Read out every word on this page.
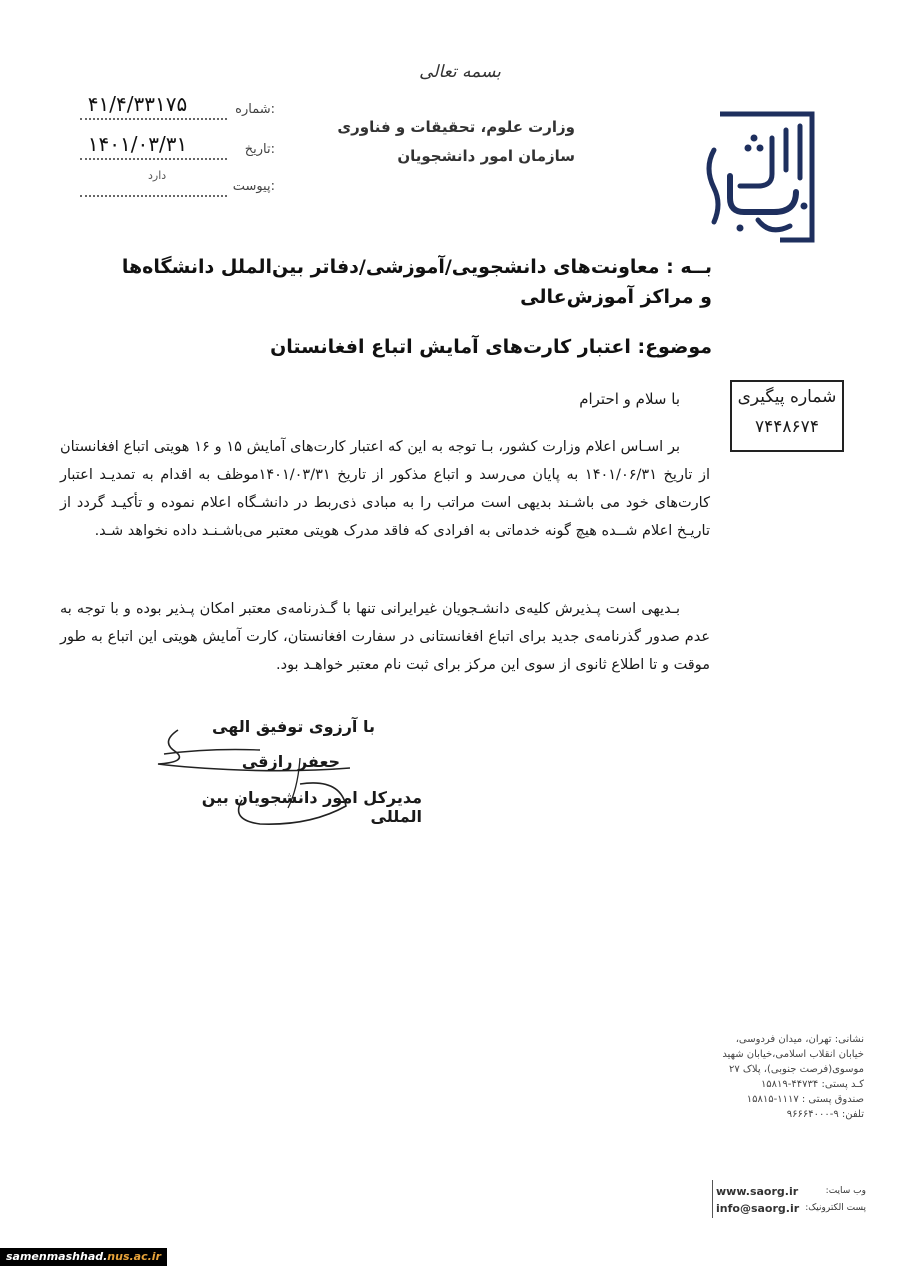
بسمه تعالی
وزارت علوم، تحقیقات و فناوری
سازمان امور دانشجویان
شماره:
۴۱/۴/۳۳۱۷۵
تاریخ:
۱۴۰۱/۰۳/۳۱
پیوست:
دارد
بــه : معاونت‌های دانشجویی/آموزشی/دفاتر بین‌الملل دانشگاه‌ها و مراکز آموزش‌عالی
موضوع: اعتبار کارت‌های آمایش اتباع افغانستان
شماره پیگیری
۷۴۴۸۶۷۴
با سلام و احترام
بر اسـاس اعلام وزارت کشور، بـا توجه به این که اعتبار کارت‌های آمایش ۱۵ و ۱۶ هویتی اتباع افغانستان از تاریخ ۱۴۰۱/۰۶/۳۱ به پایان می‌رسد و اتباع مذکور از تاریخ ۱۴۰۱/۰۳/۳۱موظف به اقدام به تمدیـد اعتبار کارت‌های خود می باشـند بدیهی است مراتب را به مبادی ذی‌ربط در دانشـگاه اعلام نموده و تأکیـد گردد از تاریـخ اعلام شــده هیچ گونه خدماتی به افرادی که فاقد مدرک هویتی معتبر می‌باشـنـد داده نخواهد شـد.
بـدیهی است پـذیرش کلیه‌ی دانشـجویان غیرایرانی تنها با گـذرنامه‌ی معتبر امکان پـذیر بوده و با توجه به عدم صدور گذرنامه‌ی جدید برای اتباع افغانستانی در سفارت افغانستان، کارت آمایش هویتی این اتباع به طور موقت و تا اطلاع ثانوی از سوی این مرکز برای ثبت نام معتبر خواهـد بود.
با آرزوی توفیق الهی
جعفر رازقی
مدیرکل امور دانشجویان بین المللی
نشانی: تهران، میدان فردوسی،
خیابان انقلاب اسلامی،خیابان شهید
موسوی(فرصت جنوبی)، پلاک ۲۷
کـد پستی: ۴۴۷۳۴-۱۵۸۱۹
صندوق پستی : ۱۱۱۷-۱۵۸۱۵
تلفن: ۹-۹۶۶۶۴۰۰۰
www.saorg.ir	وب سایت:
info@saorg.ir پست الکترونیک:
samenmashhad.nus.ac.ir
